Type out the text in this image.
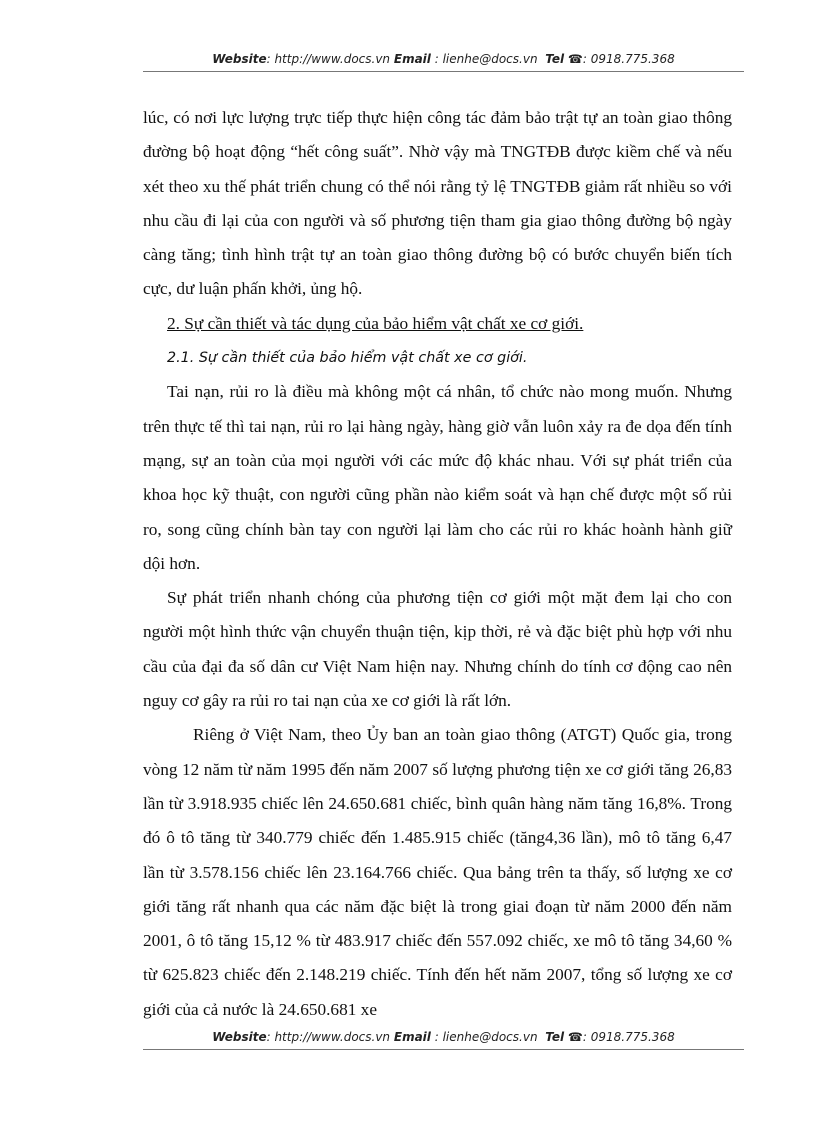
Website: http://www.docs.vn Email : lienhe@docs.vn Tel ☎: 0918.775.368

lúc, có nơi lực lượng trực tiếp thực hiện công tác đảm bảo trật tự an toàn giao thông đường bộ hoạt động “hết công suất”. Nhờ vậy mà TNGTĐB được kiềm chế và nếu xét theo xu thế phát triển chung có thể nói rằng tỷ lệ TNGTĐB giảm rất nhiều so với nhu cầu đi lại của con người và số phương tiện tham gia giao thông đường bộ ngày càng tăng; tình hình trật tự an toàn giao thông đường bộ có bước chuyển biến tích cực, dư luận phấn khởi, ủng hộ.

2. Sự cần thiết và tác dụng của bảo hiểm vật chất xe cơ giới.

2.1. Sự cần thiết của bảo hiểm vật chất xe cơ giới.

Tai nạn, rủi ro là điều mà không một cá nhân, tổ chức nào mong muốn. Nhưng trên thực tế thì tai nạn, rủi ro lại hàng ngày, hàng giờ vẫn luôn xảy ra đe dọa đến tính mạng, sự an toàn của mọi người với các mức độ khác nhau. Với sự phát triển của khoa học kỹ thuật, con người cũng phần nào kiểm soát và hạn chế được một số rủi ro, song cũng chính bàn tay con người lại làm cho các rủi ro khác hoành hành giữ dội hơn.

Sự phát triển nhanh chóng của phương tiện cơ giới một mặt đem lại cho con người một hình thức vận chuyển thuận tiện, kịp thời, rẻ và đặc biệt phù hợp với nhu cầu của đại đa số dân cư Việt Nam hiện nay. Nhưng chính do tính cơ động cao nên nguy cơ gây ra rủi ro tai nạn của xe cơ giới là rất lớn.

Riêng ở Việt Nam, theo Ủy ban an toàn giao thông (ATGT) Quốc gia, trong vòng 12 năm từ năm 1995 đến năm 2007 số lượng phương tiện xe cơ giới tăng 26,83 lần từ 3.918.935 chiếc lên 24.650.681 chiếc, bình quân hàng năm tăng 16,8%. Trong đó ô tô tăng từ 340.779 chiếc đến 1.485.915 chiếc (tăng4,36 lần), mô tô tăng 6,47 lần từ 3.578.156 chiếc lên 23.164.766 chiếc. Qua bảng trên ta thấy, số lượng xe cơ giới tăng rất nhanh qua các năm đặc biệt là trong giai đoạn từ năm 2000 đến năm 2001, ô tô tăng 15,12 % từ 483.917 chiếc đến 557.092 chiếc, xe mô tô tăng 34,60 % từ 625.823 chiếc đến 2.148.219 chiếc. Tính đến hết năm 2007, tổng số lượng xe cơ giới của cả nước là 24.650.681 xe

Website: http://www.docs.vn Email : lienhe@docs.vn Tel ☎: 0918.775.368
